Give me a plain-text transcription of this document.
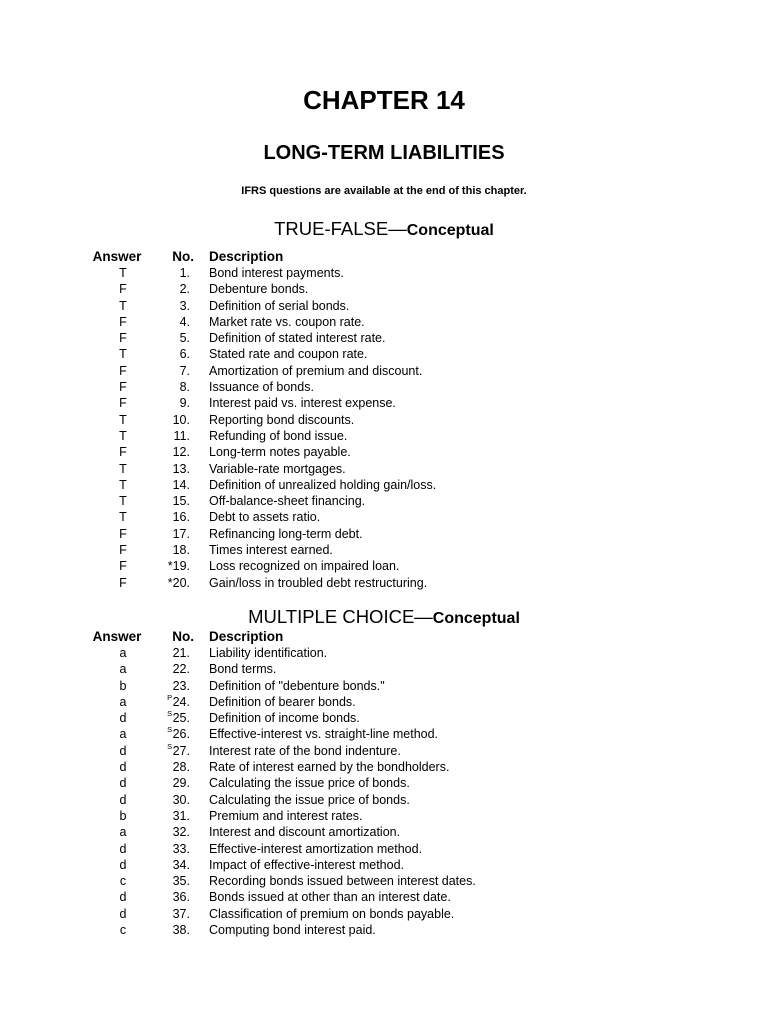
CHAPTER 14
LONG-TERM LIABILITIES

IFRS questions are available at the end of this chapter.

TRUE-FALSE—Conceptual
Answer	No. Description
T	1. Bond interest payments.
F	2. Debenture bonds.
T	3. Definition of serial bonds.
F	4. Market rate vs. coupon rate.
F	5. Definition of stated interest rate.
T	6. Stated rate and coupon rate.
F	7. Amortization of premium and discount.
F	8. Issuance of bonds.
F	9. Interest paid vs. interest expense.
T	10. Reporting bond discounts.
T	11. Refunding of bond issue.
F	12. Long-term notes payable.
T	13. Variable-rate mortgages.
T	14. Definition of unrealized holding gain/loss.
T	15. Off-balance-sheet financing.
T	16. Debt to assets ratio.
F	17. Refinancing long-term debt.
F	18. Times interest earned.
F	*19. Loss recognized on impaired loan.
F	*20. Gain/loss in troubled debt restructuring.
MULTIPLE CHOICE—Conceptual
Answer	No. Description
a	21. Liability identification.
a	22. Bond terms.
b	23. Definition of "debenture bonds."
a	$^P$24. Definition of bearer bonds.
d	$^S$25. Definition of income bonds.
a	$^S$26. Effective-interest vs. straight-line method.
d	$^S$27. Interest rate of the bond indenture.
d	28. Rate of interest earned by the bondholders.
d	29. Calculating the issue price of bonds.
d	30. Calculating the issue price of bonds.
b	31. Premium and interest rates.
a	32. Interest and discount amortization.
d	33. Effective-interest amortization method.
d	34. Impact of effective-interest method.
c	35. Recording bonds issued between interest dates.
d	36. Bonds issued at other than an interest date.
d	37. Classification of premium on bonds payable.
c	38. Computing bond interest paid.
